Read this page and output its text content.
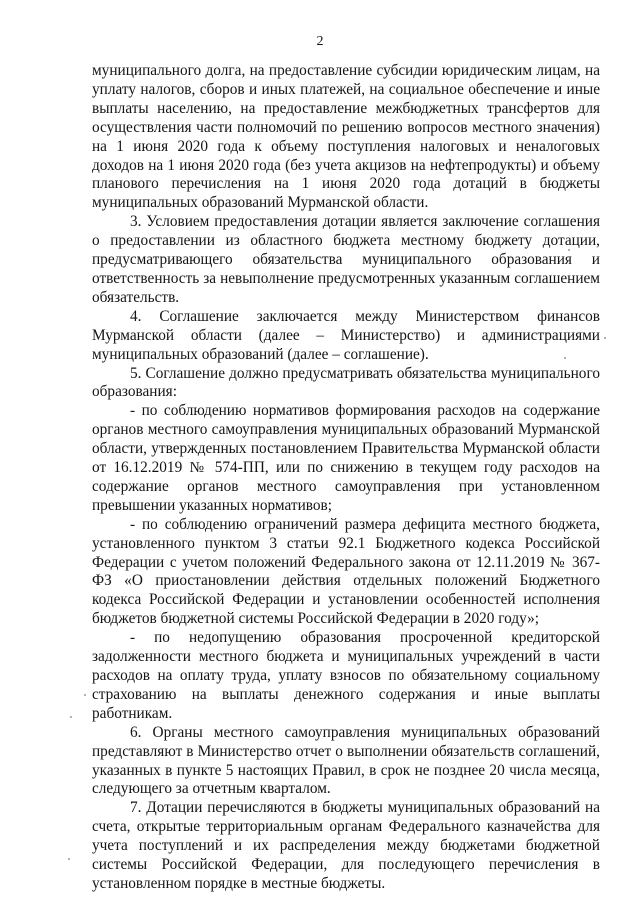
2

муниципального долга, на предоставление субсидии юридическим лицам, на уплату налогов, сборов и иных платежей, на социальное обеспечение и иные выплаты населению, на предоставление межбюджетных трансфертов для осуществления части полномочий по решению вопросов местного значения) на 1 июня 2020 года к объему поступления налоговых и неналоговых доходов на 1 июня 2020 года (без учета акцизов на нефтепродукты) и объему планового перечисления на 1 июня 2020 года дотаций в бюджеты муниципальных образований Мурманской области.

3. Условием предоставления дотации является заключение соглашения о предоставлении из областного бюджета местному бюджету дотации, предусматривающего обязательства муниципального образования и ответственность за невыполнение предусмотренных указанным соглашением обязательств.

4. Соглашение заключается между Министерством финансов Мурманской области (далее – Министерство) и администрациями муниципальных образований (далее – соглашение).

5. Соглашение должно предусматривать обязательства муниципального образования:

- по соблюдению нормативов формирования расходов на содержание органов местного самоуправления муниципальных образований Мурманской области, утвержденных постановлением Правительства Мурманской области от 16.12.2019 № 574-ПП, или по снижению в текущем году расходов на содержание органов местного самоуправления при установленном превышении указанных нормативов;

- по соблюдению ограничений размера дефицита местного бюджета, установленного пунктом 3 статьи 92.1 Бюджетного кодекса Российской Федерации с учетом положений Федерального закона от 12.11.2019 № 367-ФЗ «О приостановлении действия отдельных положений Бюджетного кодекса Российской Федерации и установлении особенностей исполнения бюджетов бюджетной системы Российской Федерации в 2020 году»;

- по недопущению образования просроченной кредиторской задолженности местного бюджета и муниципальных учреждений в части расходов на оплату труда, уплату взносов по обязательному социальному страхованию на выплаты денежного содержания и иные выплаты работникам.

6. Органы местного самоуправления муниципальных образований представляют в Министерство отчет о выполнении обязательств соглашений, указанных в пункте 5 настоящих Правил, в срок не позднее 20 числа месяца, следующего за отчетным кварталом.

7. Дотации перечисляются в бюджеты муниципальных образований на счета, открытые территориальным органам Федерального казначейства для учета поступлений и их распределения между бюджетами бюджетной системы Российской Федерации, для последующего перечисления в установленном порядке в местные бюджеты.
